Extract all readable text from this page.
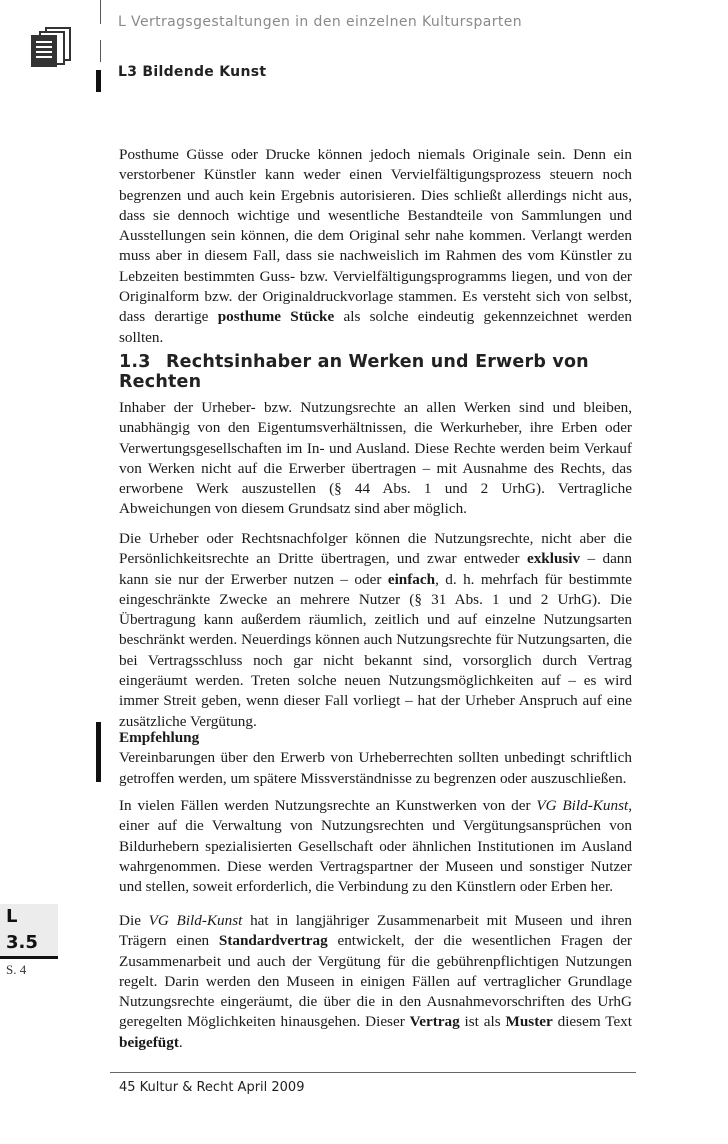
L Vertragsgestaltungen in den einzelnen Kultursparten
L3 Bildende Kunst
Posthume Güsse oder Drucke können jedoch niemals Originale sein. Denn ein verstorbener Künstler kann weder einen Vervielfältigungsprozess steuern noch begrenzen und auch kein Ergebnis autorisieren. Dies schließt allerdings nicht aus, dass sie dennoch wichtige und wesentliche Bestandteile von Sammlungen und Ausstellungen sein können, die dem Original sehr nahe kommen. Verlangt werden muss aber in diesem Fall, dass sie nachweislich im Rahmen des vom Künstler zu Lebzeiten bestimmten Guss- bzw. Vervielfältigungsprogramms liegen, und von der Originalform bzw. der Originaldruckvorlage stammen. Es versteht sich von selbst, dass derartige posthume Stücke als solche eindeutig gekennzeichnet werden sollten.
1.3 Rechtsinhaber an Werken und Erwerb von Rechten
Inhaber der Urheber- bzw. Nutzungsrechte an allen Werken sind und bleiben, unabhängig von den Eigentumsverhältnissen, die Werkurheber, ihre Erben oder Verwertungsgesellschaften im In- und Ausland. Diese Rechte werden beim Verkauf von Werken nicht auf die Erwerber übertragen – mit Ausnahme des Rechts, das erworbene Werk auszustellen (§ 44 Abs. 1 und 2 UrhG). Vertragliche Abweichungen von diesem Grundsatz sind aber möglich.
Die Urheber oder Rechtsnachfolger können die Nutzungsrechte, nicht aber die Persönlichkeitsrechte an Dritte übertragen, und zwar entweder exklusiv – dann kann sie nur der Erwerber nutzen – oder einfach, d. h. mehrfach für bestimmte eingeschränkte Zwecke an mehrere Nutzer (§ 31 Abs. 1 und 2 UrhG). Die Übertragung kann außerdem räumlich, zeitlich und auf einzelne Nutzungsarten beschränkt werden. Neuerdings können auch Nutzungsrechte für Nutzungsarten, die bei Vertragsschluss noch gar nicht bekannt sind, vorsorglich durch Vertrag eingeräumt werden. Treten solche neuen Nutzungsmöglichkeiten auf – es wird immer Streit geben, wenn dieser Fall vorliegt – hat der Urheber Anspruch auf eine zusätzliche Vergütung.
Empfehlung
Vereinbarungen über den Erwerb von Urheberrechten sollten unbedingt schriftlich getroffen werden, um spätere Missverständnisse zu begrenzen oder auszuschließen.
In vielen Fällen werden Nutzungsrechte an Kunstwerken von der VG Bild-Kunst, einer auf die Verwaltung von Nutzungsrechten und Vergütungsansprüchen von Bildurhebern spezialisierten Gesellschaft oder ähnlichen Institutionen im Ausland wahrgenommen. Diese werden Vertragspartner der Museen und sonstiger Nutzer und stellen, soweit erforderlich, die Verbindung zu den Künstlern oder Erben her.
Die VG Bild-Kunst hat in langjähriger Zusammenarbeit mit Museen und ihren Trägern einen Standardvertrag entwickelt, der die wesentlichen Fragen der Zusammenarbeit und auch der Vergütung für die gebührenpflichtigen Nutzungen regelt. Darin werden den Museen in einigen Fällen auf vertraglicher Grundlage Nutzungsrechte eingeräumt, die über die in den Ausnahmevorschriften des UrhG geregelten Möglichkeiten hinausgehen. Dieser Vertrag ist als Muster diesem Text beigefügt.
L
3.5
S. 4
45 Kultur & Recht April 2009
